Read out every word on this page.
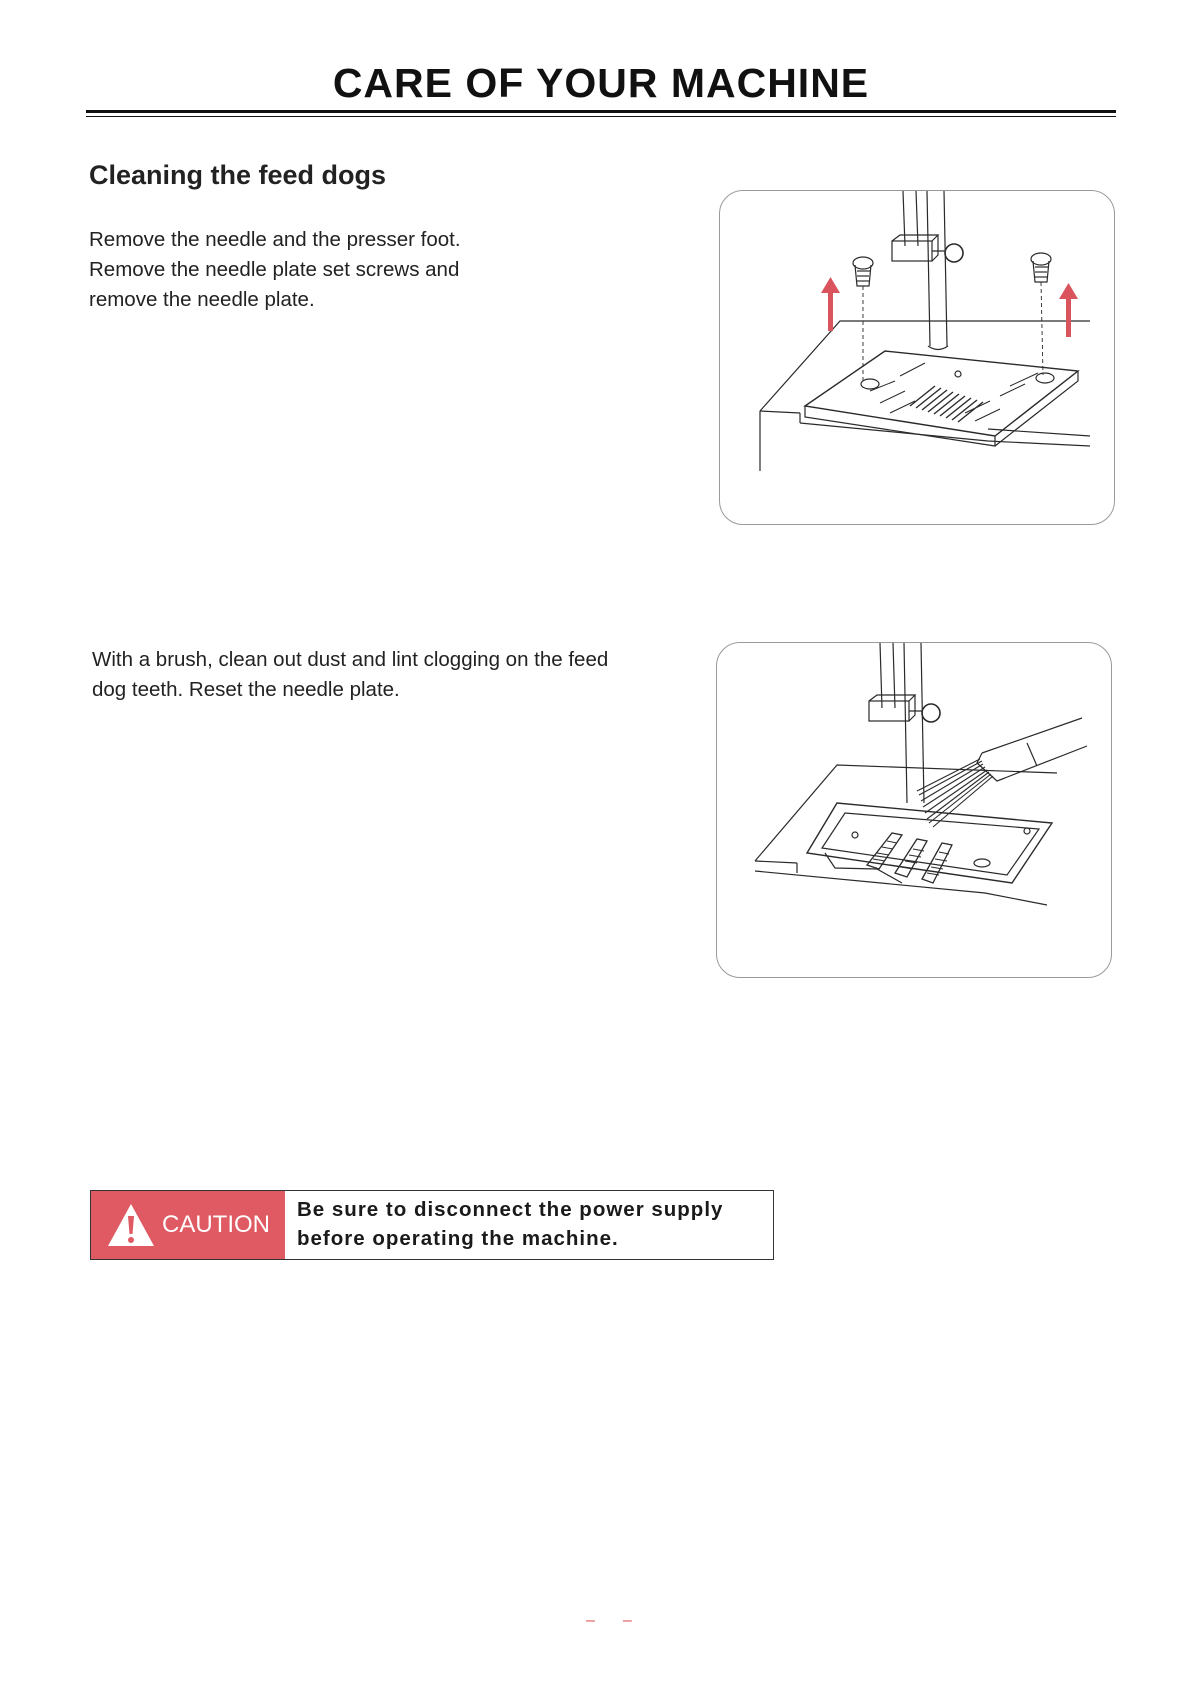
CARE OF YOUR MACHINE
Cleaning the feed dogs

Remove the needle and the presser foot.

Remove the needle plate set screws and

remove the needle plate.

With a brush, clean out dust and lint clogging on the feed

dog teeth. Reset the needle plate.

CAUTION

Be sure to disconnect the power supply

before operating the machine.

– –
